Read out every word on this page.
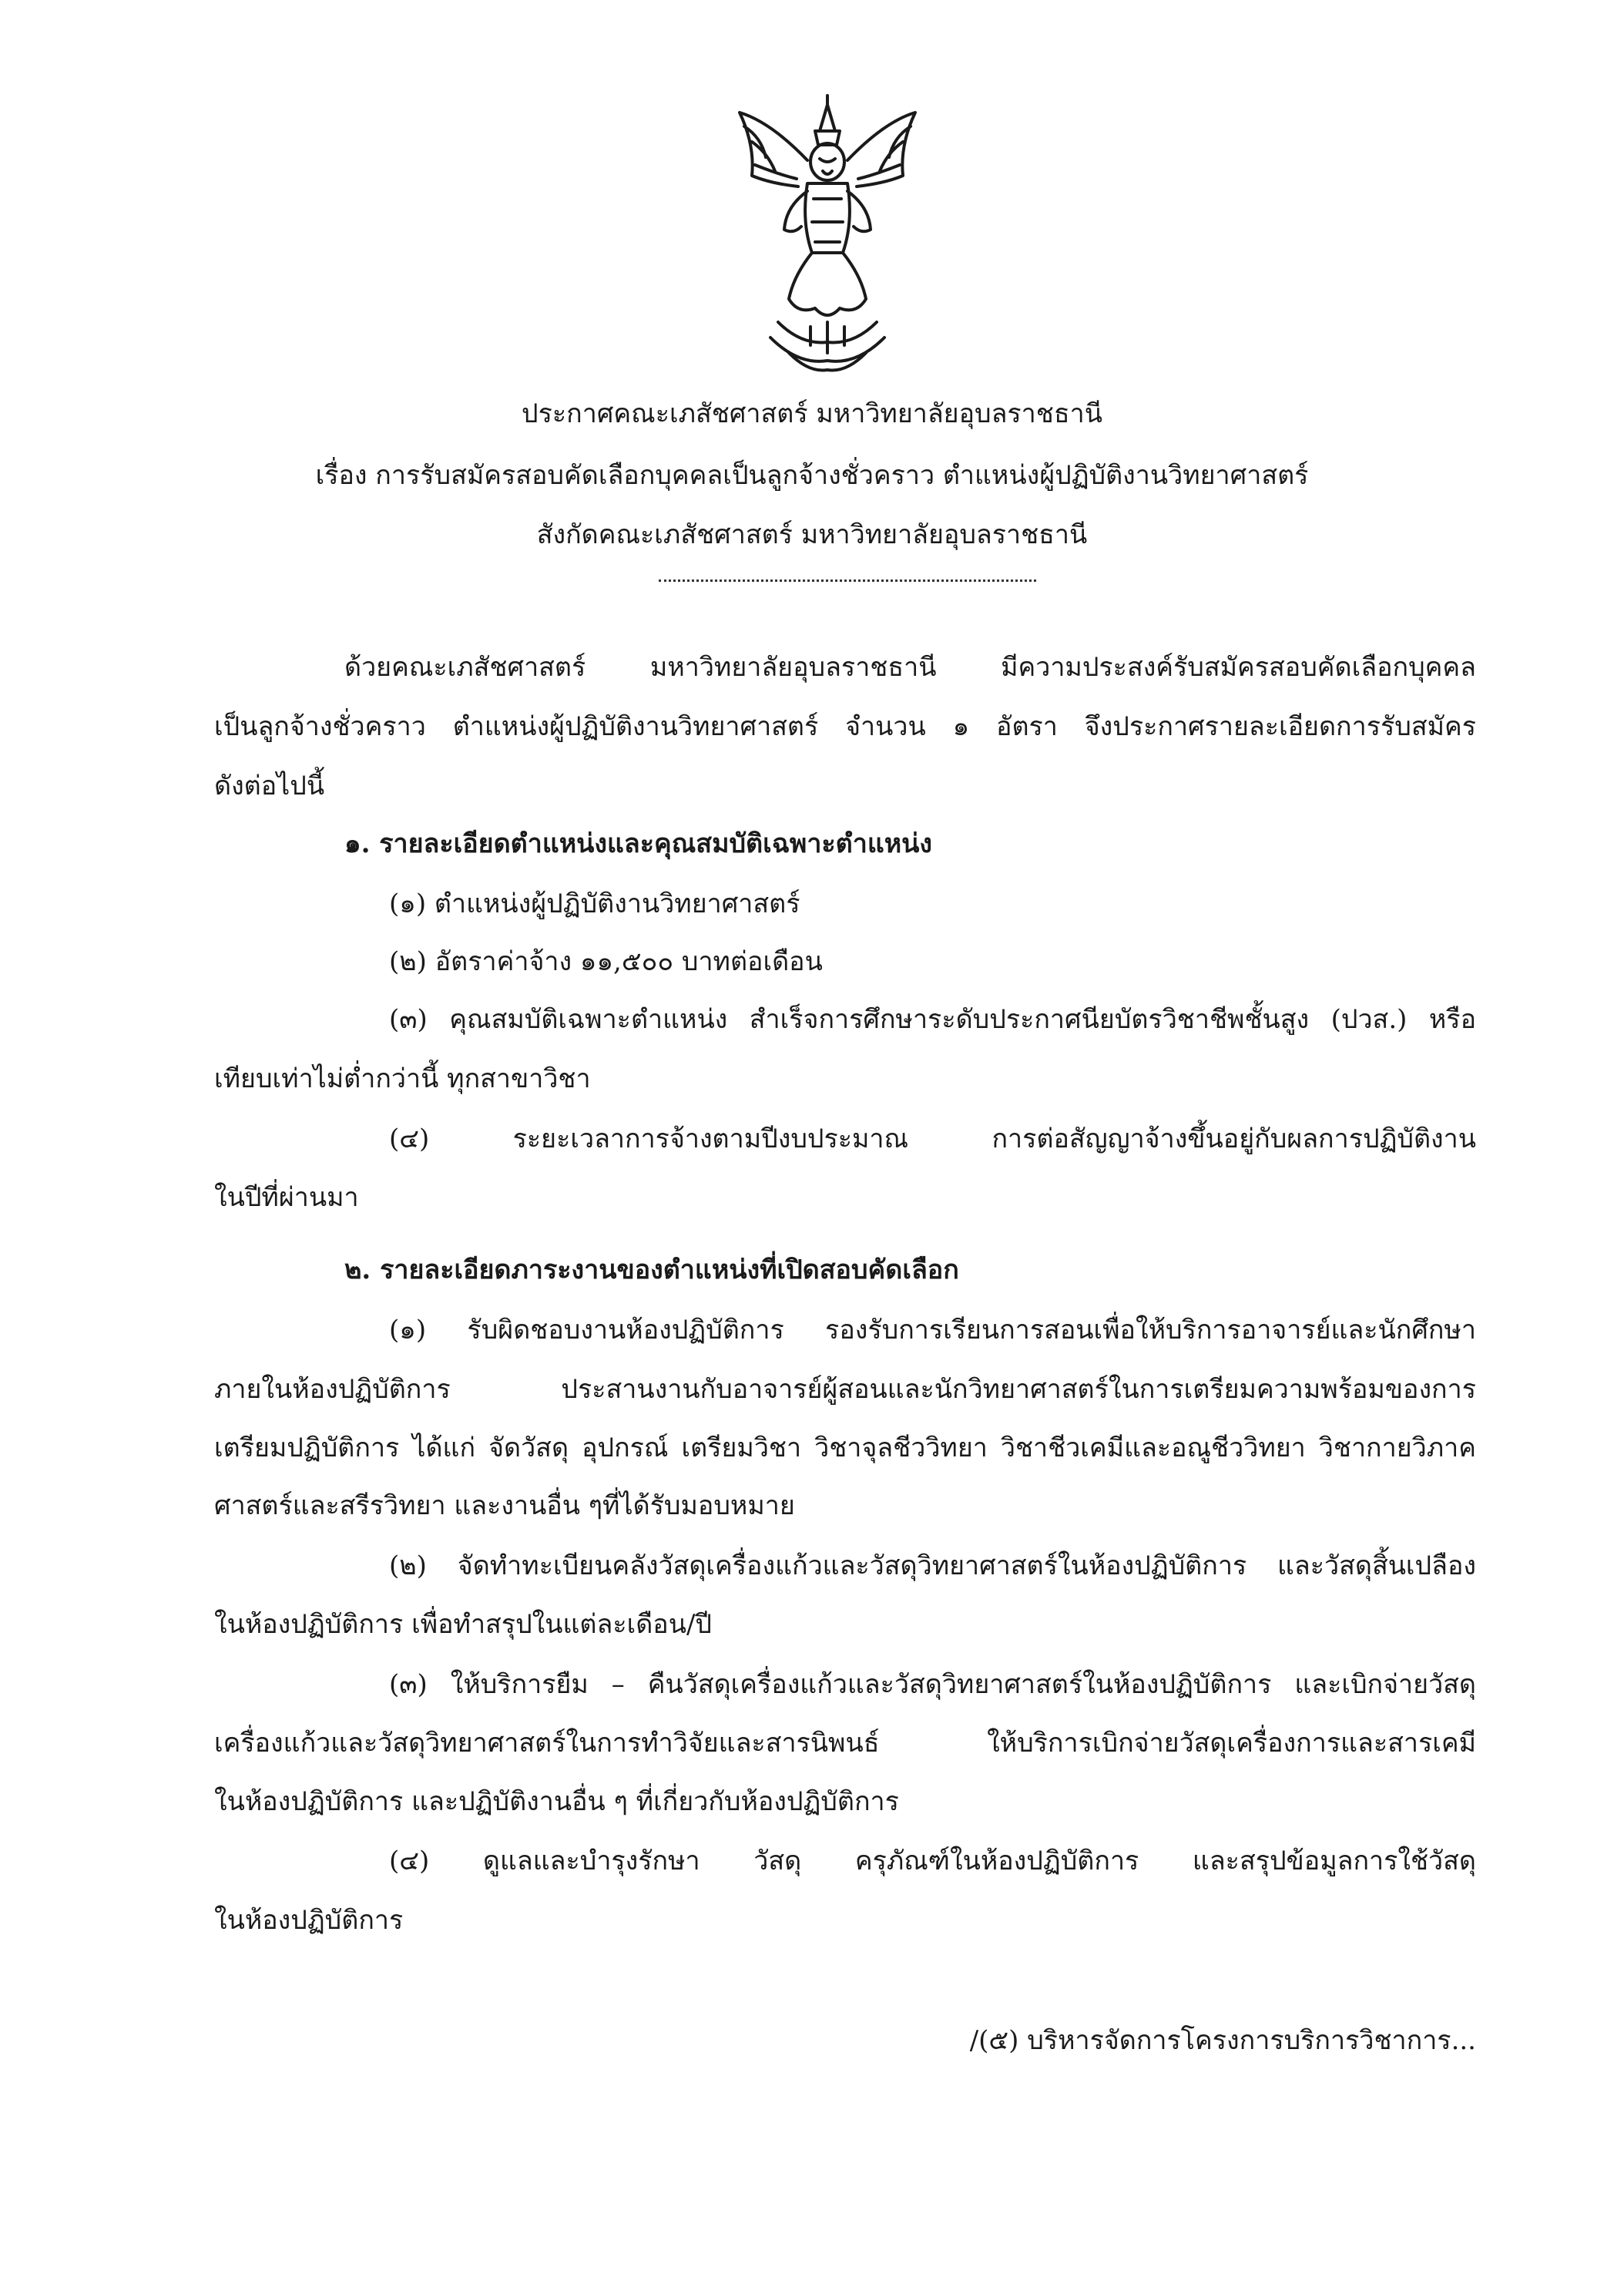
ประกาศคณะเภสัชศาสตร์ มหาวิทยาลัยอุบลราชธานี
เรื่อง การรับสมัครสอบคัดเลือกบุคคลเป็นลูกจ้างชั่วคราว ตำแหน่งผู้ปฏิบัติงานวิทยาศาสตร์
สังกัดคณะเภสัชศาสตร์ มหาวิทยาลัยอุบลราชธานี
ด้วยคณะเภสัชศาสตร์ มหาวิทยาลัยอุบลราชธานี มีความประสงค์รับสมัครสอบคัดเลือกบุคคล
เป็นลูกจ้างชั่วคราว ตำแหน่งผู้ปฏิบัติงานวิทยาศาสตร์ จำนวน ๑ อัตรา จึงประกาศรายละเอียดการรับสมัคร
ดังต่อไปนี้
๑. รายละเอียดตำแหน่งและคุณสมบัติเฉพาะตำแหน่ง
(๑) ตำแหน่งผู้ปฏิบัติงานวิทยาศาสตร์
(๒) อัตราค่าจ้าง ๑๑,๕๐๐ บาทต่อเดือน
(๓) คุณสมบัติเฉพาะตำแหน่ง สำเร็จการศึกษาระดับประกาศนียบัตรวิชาชีพชั้นสูง (ปวส.) หรือ
เทียบเท่าไม่ต่ำกว่านี้ ทุกสาขาวิชา
(๔) ระยะเวลาการจ้างตามปีงบประมาณ การต่อสัญญาจ้างขึ้นอยู่กับผลการปฏิบัติงาน
ในปีที่ผ่านมา
๒. รายละเอียดภาระงานของตำแหน่งที่เปิดสอบคัดเลือก
(๑) รับผิดชอบงานห้องปฏิบัติการ รองรับการเรียนการสอนเพื่อให้บริการอาจารย์และนักศึกษา
ภายในห้องปฏิบัติการ ประสานงานกับอาจารย์ผู้สอนและนักวิทยาศาสตร์ในการเตรียมความพร้อมของการ
เตรียมปฏิบัติการ ได้แก่ จัดวัสดุ อุปกรณ์ เตรียมวิชา วิชาจุลชีววิทยา วิชาชีวเคมีและอณูชีววิทยา วิชากายวิภาค
ศาสตร์และสรีรวิทยา และงานอื่น ๆที่ได้รับมอบหมาย
(๒) จัดทำทะเบียนคลังวัสดุเครื่องแก้วและวัสดุวิทยาศาสตร์ในห้องปฏิบัติการ และวัสดุสิ้นเปลือง
ในห้องปฏิบัติการ เพื่อทำสรุปในแต่ละเดือน/ปี
(๓) ให้บริการยืม – คืนวัสดุเครื่องแก้วและวัสดุวิทยาศาสตร์ในห้องปฏิบัติการ และเบิกจ่ายวัสดุ
เครื่องแก้วและวัสดุวิทยาศาสตร์ในการทำวิจัยและสารนิพนธ์ ให้บริการเบิกจ่ายวัสดุเครื่องการและสารเคมี
ในห้องปฏิบัติการ และปฏิบัติงานอื่น ๆ ที่เกี่ยวกับห้องปฏิบัติการ
(๔) ดูแลและบำรุงรักษา วัสดุ ครุภัณฑ์ในห้องปฏิบัติการ และสรุปข้อมูลการใช้วัสดุ
ในห้องปฏิบัติการ
/(๕) บริหารจัดการโครงการบริการวิชาการ...
